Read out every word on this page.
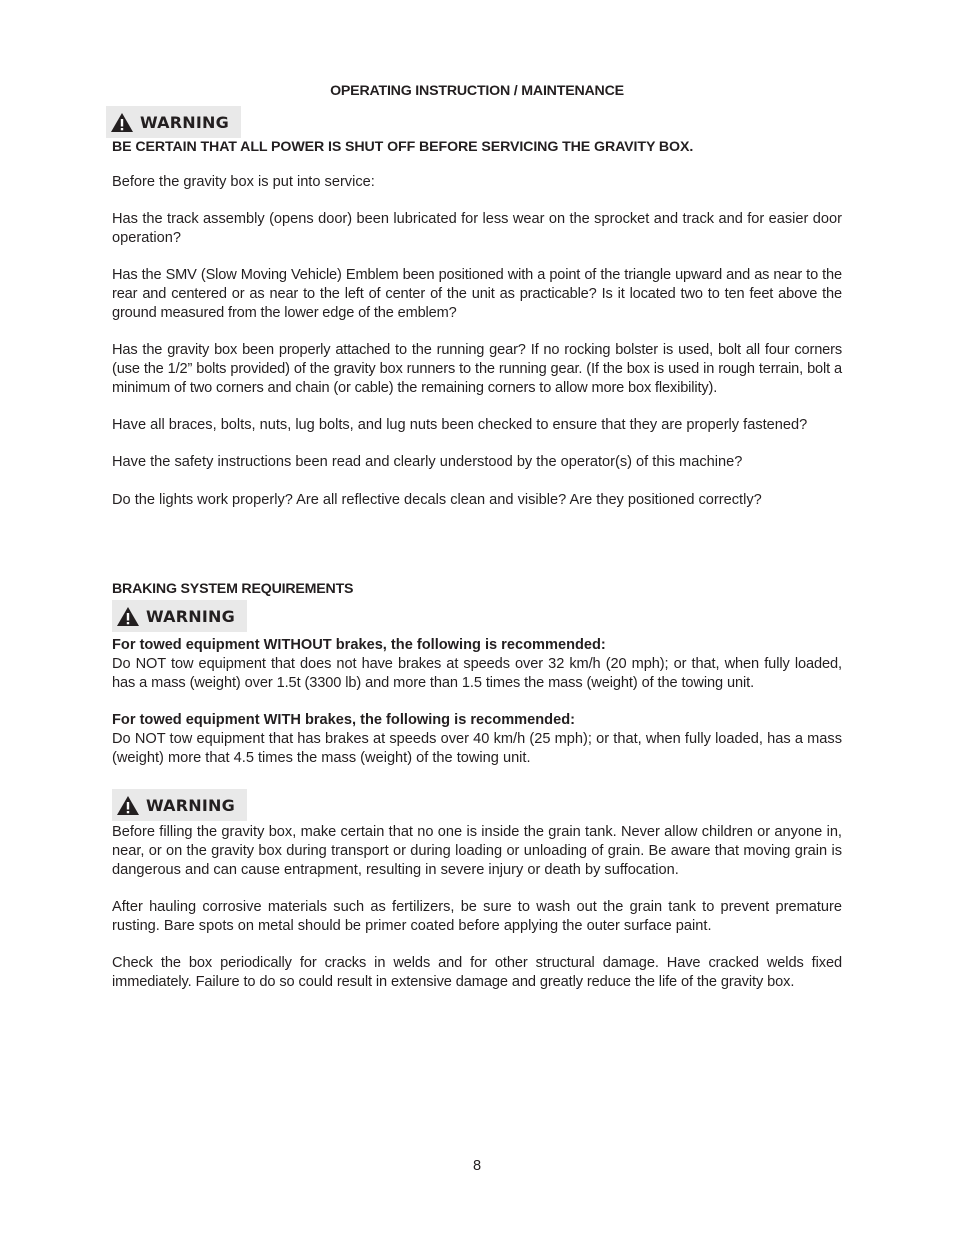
OPERATING INSTRUCTION / MAINTENANCE
WARNING

BE CERTAIN THAT ALL POWER IS SHUT OFF BEFORE SERVICING THE GRAVITY BOX.

Before the gravity box is put into service:

Has the track assembly (opens door) been lubricated for less wear on the sprocket and track and for easier door operation?

Has the SMV (Slow Moving Vehicle) Emblem been positioned with a point of the triangle upward and as near to the rear and centered or as near to the left of center of the unit as practicable? Is it located two to ten feet above the ground measured from the lower edge of the emblem?

Has the gravity box been properly attached to the running gear? If no rocking bolster is used, bolt all four corners (use the 1/2” bolts provided) of the gravity box runners to the running gear. (If the box is used in rough terrain, bolt a minimum of two corners and chain (or cable) the remaining corners to allow more box flexibility).

Have all braces, bolts, nuts, lug bolts, and lug nuts been checked to ensure that they are properly fastened?

Have the safety instructions been read and clearly understood by the operator(s) of this machine?

Do the lights work properly? Are all reflective decals clean and visible? Are they positioned correctly?

BRAKING SYSTEM REQUIREMENTS

WARNING

For towed equipment WITHOUT brakes, the following is recommended:

Do NOT tow equipment that does not have brakes at speeds over 32 km/h (20 mph); or that, when fully loaded, has a mass (weight) over 1.5t (3300 lb) and more than 1.5 times the mass (weight) of the towing unit.

For towed equipment WITH brakes, the following is recommended:

Do NOT tow equipment that has brakes at speeds over 40 km/h (25 mph); or that, when fully loaded, has a mass (weight) more that 4.5 times the mass (weight) of the towing unit.

WARNING

Before filling the gravity box, make certain that no one is inside the grain tank. Never allow children or anyone in, near, or on the gravity box during transport or during loading or unloading of grain. Be aware that moving grain is dangerous and can cause entrapment, resulting in severe injury or death by suffocation.

After hauling corrosive materials such as fertilizers, be sure to wash out the grain tank to prevent premature rusting. Bare spots on metal should be primer coated before applying the outer surface paint.

Check the box periodically for cracks in welds and for other structural damage. Have cracked welds fixed immediately. Failure to do so could result in extensive damage and greatly reduce the life of the gravity box.

8
